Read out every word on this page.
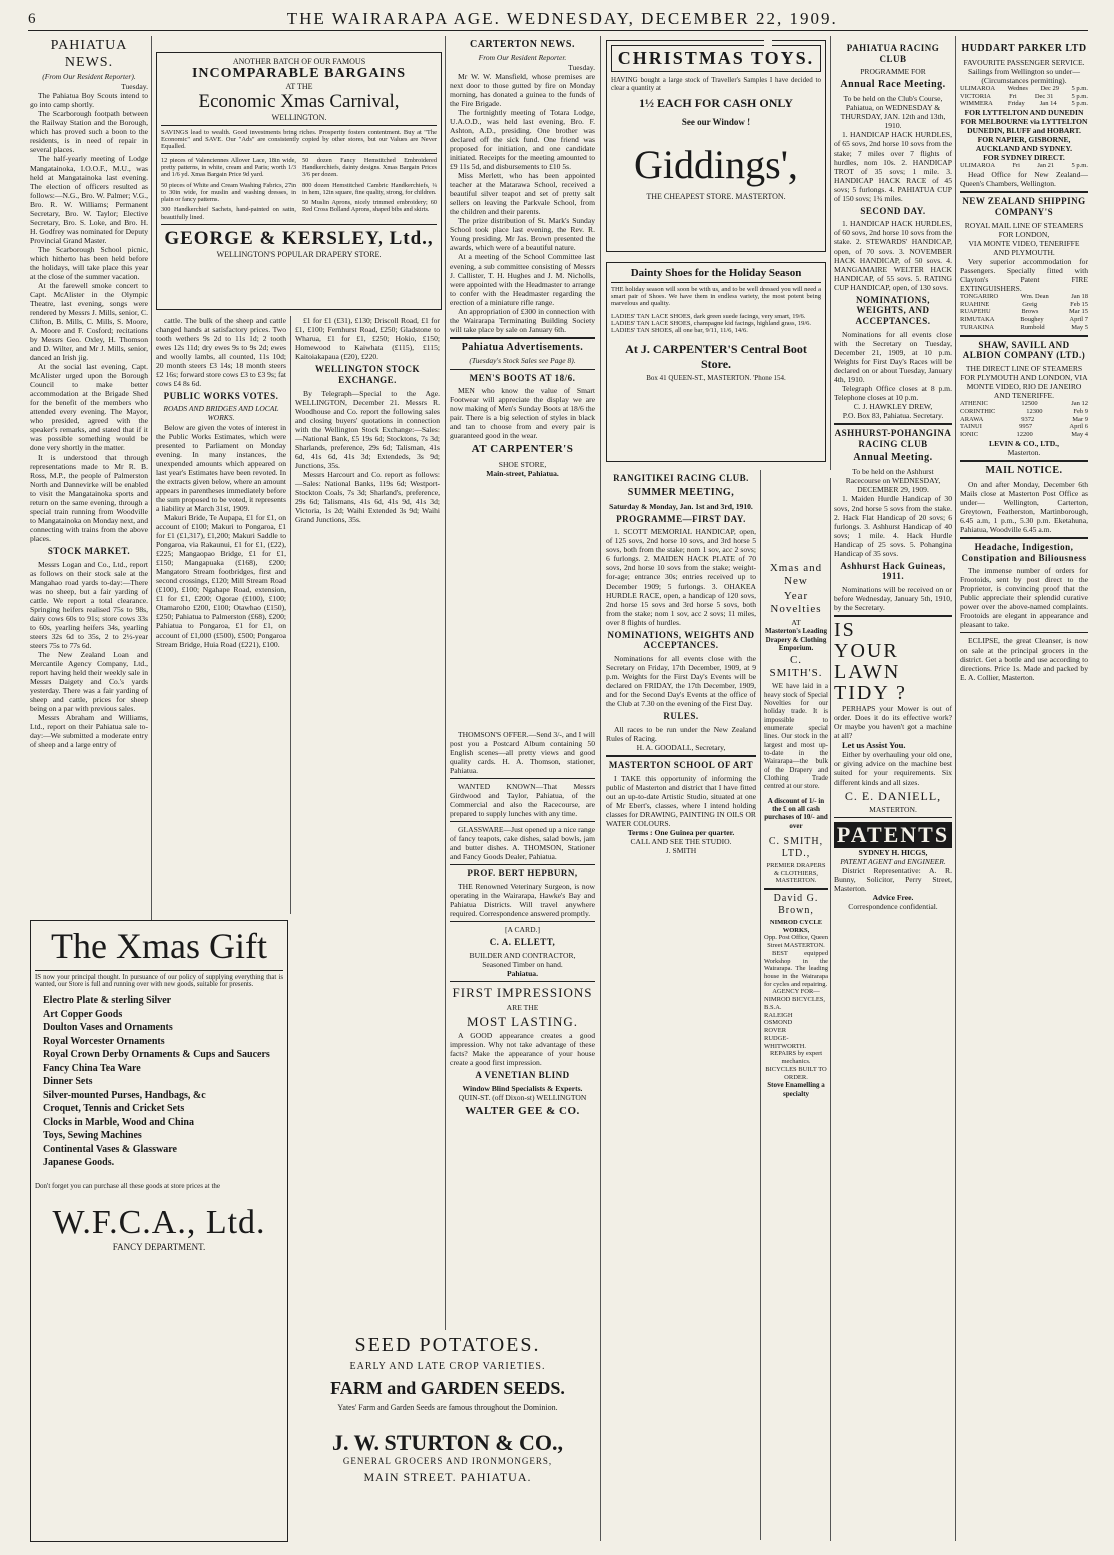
6	THE WAIRARAPA AGE. WEDNESDAY, DECEMBER 22, 1909.
PAHIATUA NEWS.

(From Our Resident Reporter).

Tuesday.

The Pahiatua Boy Scouts intend to go into camp shortly.

The Scarborough footpath between the Railway Station and the Borough, which has proved such a boon to the residents, is in need of repair in several places.

The half-yearly meeting of Lodge Mangatainoka, I.O.O.F., M.U., was held at Mangatainoka last evening. The election of officers resulted as follows:—N.G., Bro. W. Palmer; V.G., Bro. R. W. Williams; Permanent Secretary, Bro. W. Taylor; Elective Secretary, Bro. S. Loke, and Bro. H. H. Godfrey was nominated for Deputy Provincial Grand Master.

The Scarborough School picnic, which hitherto has been held before the holidays, will take place this year at the close of the summer vacation.

At the farewell smoke concert to Capt. McAlister in the Olympic Theatre, last evening, songs were rendered by Messrs J. Mills, senior, C. Clifton, B. Mills, C. Mills, S. Moore, A. Moore and F. Cosford; recitations by Messrs Geo. Oxley, H. Thomson and D. Wilter, and Mr J. Mills, senior, danced an Irish jig.

At the social last evening, Capt. McAlister urged upon the Borough Council to make better accommodation at the Brigade Shed for the benefit of the members who attended every evening. The Mayor, who presided, agreed with the speaker's remarks, and stated that if it was possible something would be done very shortly in the matter.

It is understood that through representations made to Mr R. B. Ross, M.P., the people of Palmerston North and Dannevirke will be enabled to visit the Mangatainoka sports and return on the same evening, through a special train running from Woodville to Mangatainoka on Monday next, and connecting with trains from the above places.

STOCK MARKET.

Messrs Logan and Co., Ltd., report as follows on their stock sale at the Mangahao road yards to-day:—There was no sheep, but a fair yarding of cattle. We report a total clearance. Springing heifers realised 75s to 98s, dairy cows 60s to 91s; store cows 33s to 60s, yearling heifers 34s, yearling steers 32s 6d to 35s, 2 to 2½-year steers 75s to 77s 6d.

The New Zealand Loan and Mercantile Agency Company, Ltd., report having held their weekly sale in Messrs Daigety and Co.'s yards yesterday. There was a fair yarding of sheep and cattle, prices for sheep being on a par with previous sales.

Messrs Abraham and Williams, Ltd., report on their Pahiatua sale to-day:—We submitted a moderate entry of sheep and a large entry of

ANOTHER BATCH OF OUR FAMOUS
INCOMPARABLE BARGAINS
AT THE
Economic Xmas Carnival,
WELLINGTON.
SAVINGS lead to wealth. Good investments bring riches. Prosperity fosters contentment. Buy at "The Economic" and SAVE. Our "Ads" are consistently copied by other stores, but our Values are Never Equalled.
12 pieces of Valenciennes Allover Lace, 18in wide, pretty patterns, in white, cream and Paris; worth 1/3 and 1/6 yd. Xmas Bargain Price 9d yard.
50 pieces of White and Cream Washing Fabrics, 27in to 30in wide, for muslin and washing dresses, in plain or fancy patterns.
300 Handkerchief Sachets, hand-painted on satin, beautifully lined.
50 dozen Fancy Hemstitched Embroidered Handkerchiefs, dainty designs. Xmas Bargain Prices 3/6 per dozen.
800 dozen Hemstitched Cambric Handkerchiefs, ¼ in hem, 12in square, fine quality, strong, for children.
50 Muslin Aprons, nicely trimmed embroidery; 60 Red Cross Bolland Aprons, shaped bibs and skirts.
GEORGE & KERSLEY, Ltd.,
WELLINGTON'S POPULAR DRAPERY STORE.

cattle. The bulk of the sheep and cattle changed hands at satisfactory prices. Two tooth wethers 9s 2d to 11s 1d; 2 tooth ewes 12s 11d; dry ewes 9s to 9s 2d; ewes and woolly lambs, all counted, 11s 10d; 20 month steers £3 14s; 18 month steers £2 16s; forward store cows £3 to £3 9s; fat cows £4 8s 6d.

PUBLIC WORKS VOTES.

ROADS AND BRIDGES AND LOCAL WORKS.

Below are given the votes of interest in the Public Works Estimates, which were presented to Parliament on Monday evening. In many instances, the unexpended amounts which appeared on last year's Estimates have been revoted. In the extracts given below, where an amount appears in parentheses immediately before the sum proposed to be voted, it represents a liability at March 31st, 1909.

Makuri Bride, Te Aupapa, £1 for £1, on account of £100; Makuri to Pongaroa, £1 for £1 (£1,317), £1,200; Makuri Saddle to Pongaroa, via Rakaunui, £1 for £1, (£22), £225; Mangaopao Bridge, £1 for £1, £150; Mangapuaka (£168), £200; Mangatoro Stream footbridges, first and second crossings, £120; Mill Stream Road (£100), £100; Ngahape Road, extension, £1 for £1, £200; Ogorae (£100), £100; Otamaroho £200, £100; Otawhao (£150), £250; Pahiatua to Palmerston (£68), £200; Pahiatua to Pongaroa, £1 for £1, on account of £1,000 (£500), £500; Pongaroa Stream Bridge, Huia Road (£221), £100.

£1 for £1 (£31), £130; Driscoll Road, £1 for £1, £100; Fernhurst Road, £250; Gladstone to Wharua, £1 for £1, £250; Hokio, £150; Homewood to Kaiwhata (£115), £115; Kaitoiakapaua (£20), £220.

WELLINGTON STOCK EXCHANGE.

By Telegraph—Special to the Age. WELLINGTON, December 21. Messrs R. Woodhouse and Co. report the following sales and closing buyers' quotations in connection with the Wellington Stock Exchange:—Sales:—National Bank, £5 19s 6d; Stocktons, 7s 3d; Sharlands, preference, 29s 6d; Talisman, 41s 6d, 41s 6d, 41s 3d; Extendeds, 3s 9d; Junctions, 35s.

Messrs Harcourt and Co. report as follows:—Sales: National Banks, 119s 6d; Westport-Stockton Coals, 7s 3d; Sharland's, preference, 29s 6d; Talismans, 41s 6d, 41s 9d, 41s 3d; Victoria, 1s 2d; Waihi Extended 3s 9d; Waihi Grand Junctions, 35s.

The Xmas Gift
IS now your principal thought. In pursuance of our policy of supplying everything that is wanted, our Store is full and running over with new goods, suitable for presents.
Electro Plate & sterling Silver
Art Copper Goods
Doulton Vases and Ornaments
Royal Worcester Ornaments
Royal Crown Derby Ornaments & Cups and Saucers
Fancy China Tea Ware
Dinner Sets
Silver-mounted Purses, Handbags, &c
Croquet, Tennis and Cricket Sets
Clocks in Marble, Wood and China
Toys, Sewing Machines
Continental Vases & Glassware
Japanese Goods.
Don't forget you can purchase all these goods at store prices at the
W.F.C.A., Ltd.
FANCY DEPARTMENT.
CARTERTON NEWS.

From Our Resident Reporter.

Tuesday.

Mr W. W. Mansfield, whose premises are next door to those gutted by fire on Monday morning, has donated a guinea to the funds of the Fire Brigade.

The fortnightly meeting of Totara Lodge, U.A.O.D., was held last evening, Bro. F. Ashton, A.D., presiding. One brother was declared off the sick fund. One friend was proposed for initiation, and one candidate initiated. Receipts for the meeting amounted to £9 11s 5d, and disbursements to £10 5s.

Miss Merlett, who has been appointed teacher at the Matarawa School, received a beautiful silver teapot and set of pretty salt sellers on leaving the Parkvale School, from the children and their parents.

The prize distribution of St. Mark's Sunday School took place last evening, the Rev. R. Young presiding. Mr Jas. Brown presented the awards, which were of a beautiful nature.

At a meeting of the School Committee last evening, a sub committee consisting of Messrs J. Callister, T. H. Hughes and J. M. Nicholls, were appointed with the Headmaster to arrange to confer with the Headmaster regarding the erection of a miniature rifle range.

An appropriation of £300 in connection with the Wairarapa Terminating Building Society will take place by sale on January 6th.

Pahiatua Advertisements.

(Tuesday's Stock Sales see Page 8).

MEN'S BOOTS AT 18/6.

MEN who know the value of Smart Footwear will appreciate the display we are now making of Men's Sunday Boots at 18/6 the pair. There is a big selection of styles in black and tan to choose from and every pair is guaranteed good in the wear.

AT CARPENTER'S

SHOE STORE,

Main-street, Pahiatua.

THOMSON'S OFFER.—Send 3/-, and I will post you a Postcard Album containing 50 English scenes—all pretty views and good quality cards. H. A. Thomson, stationer, Pahiatua.

WANTED KNOWN—That Messrs Girdwood and Taylor, Pahiatua, of the Commercial and also the Racecourse, are prepared to supply lunches with any time.

GLASSWARE—Just opened up a nice range of fancy teapots, cake dishes, salad bowls, jam and butter dishes. A. THOMSON, Stationer and Fancy Goods Dealer, Pahiatua.

PROF. BERT HEPBURN,

THE Renowned Veterinary Surgeon, is now operating in the Wairarapa, Hawke's Bay and Pahiatua Districts. Will travel anywhere required. Correspondence answered promptly.

[A CARD.]

C. A. ELLETT,

BUILDER AND CONTRACTOR,

Seasoned Timber on hand.

Pahiatua.

FIRST IMPRESSIONS

ARE THE

MOST LASTING.

A GOOD appearance creates a good impression. Why not take advantage of these facts? Make the appearance of your house create a good first impression.

A VENETIAN BLIND

Window Blind Specialists & Experts.

QUIN-ST. (off Dixon-st) WELLINGTON

WALTER GEE & CO.
SEED POTATOES.
EARLY AND LATE CROP VARIETIES.
FARM and GARDEN SEEDS.
Yates' Farm and Garden Seeds are famous throughout the Dominion.
J. W. STURTON & CO.,
GENERAL GROCERS AND IRONMONGERS,
MAIN STREET. PAHIATUA.
CHRISTMAS TOYS.
HAVING bought a large stock of Traveller's Samples I have decided to clear a quantity at
1½ EACH FOR CASH ONLY
See our Window !
Giddings',
THE CHEAPEST STORE. MASTERTON.
Dainty Shoes for the Holiday Season
THE holiday season will soon be with us, and to be well dressed you will need a smart pair of Shoes. We have them in endless variety, the most potent being marvelous and quality.
LADIES' TAN LACE SHOES, dark green suede facings, very smart, 19/6.
LADIES' TAN LACE SHOES, champagne kid facings, highland grass, 19/6.
LADIES' TAN SHOES, all one bar, 9/11, 11/6, 14/6.
At J. CARPENTER'S Central Boot Store.
Box 41 QUEEN-ST., MASTERTON. 'Phone 154.
RANGITIKEI RACING CLUB.
SUMMER MEETING,

Saturday & Monday, Jan. 1st and 3rd, 1910.

PROGRAMME—FIRST DAY.

1. SCOTT MEMORIAL HANDICAP, open, of 125 sovs, 2nd horse 10 sovs, and 3rd horse 5 sovs, both from the stake; nom 1 sov, acc 2 sovs; 6 furlongs. 2. MAIDEN HACK PLATE of 70 sovs, 2nd horse 10 sovs from the stake; weight-for-age; entrance 30s; entries received up to December 1909; 5 furlongs. 3. OHAKEA HURDLE RACE, open, a handicap of 120 sovs, 2nd horse 15 sovs and 3rd horse 5 sovs, both from the stake; nom 1 sov, acc 2 sovs; 11 miles, over 8 flights of hurdles.

NOMINATIONS, WEIGHTS AND ACCEPTANCES.

Nominations for all events close with the Secretary on Friday, 17th December, 1909, at 9 p.m. Weights for the First Day's Events will be declared on FRIDAY, the 17th December, 1909, and for the Second Day's Events at the office of the Club at 7.30 on the evening of the First Day.

RULES.

All races to be run under the New Zealand Rules of Racing.

H. A. GOODALL, Secretary,

MASTERTON SCHOOL OF ART

I TAKE this opportunity of informing the public of Masterton and district that I have fitted out an up-to-date Artistic Studio, situated at one of Mr Ebert's, classes, where I intend holding classes for DRAWING, PAINTING IN OILS OR WATER COLOURS.

Terms : One Guinea per quarter.

CALL AND SEE THE STUDIO.

J. SMITH

Xmas and New
Year Novelties

AT

Masterton's Leading Drapery & Clothing Emporium.

C. SMITH'S.

WE have laid in a heavy stock of Special Novelties for our holiday trade. It is impossible to enumerate special lines. Our stock in the largest and most up-to-date in the Wairarapa—the bulk of the Drapery and Clothing Trade centred at our store.

A discount of 1/- in the £ on all cash purchases of 10/- and over

C. SMITH, LTD.,

PREMIER DRAPERS & CLOTHIERS, MASTERTON.

David G. Brown,

NIMROD CYCLE WORKS,

Opp. Post Office, Queen Street MASTERTON.

BEST equipped Workshop in the Wairarapa. The leading house in the Wairarapa for cycles and repairing.

AGENCY FOR—

NIMROD BICYCLES,
B.S.A.
RALEIGH
OSMOND
ROVER
RUDGE-WHITWORTH.

REPAIRS by expert mechanics.

BICYCLES BUILT TO ORDER.

Stove Enamelling a specialty

PAHIATUA RACING CLUB

PROGRAMME FOR

Annual Race Meeting.

To be held on the Club's Course, Pahiatua, on WEDNESDAY & THURSDAY, JAN. 12th and 13th, 1910.

1. HANDICAP HACK HURDLES, of 65 sovs, 2nd horse 10 sovs from the stake; 7 miles over 7 flights of hurdles, nom 10s. 2. HANDICAP TROT of 35 sovs; 1 mile. 3. HANDICAP HACK RACE of 45 sovs; 5 furlongs. 4. PAHIATUA CUP of 150 sovs; 1¾ miles.

SECOND DAY.

1. HANDICAP HACK HURDLES, of 60 sovs, 2nd horse 10 sovs from the stake. 2. STEWARDS' HANDICAP, open, of 70 sovs. 3. NOVEMBER HACK HANDICAP, of 50 sovs. 4. MANGAMAIRE WELTER HACK HANDICAP, of 55 sovs. 5. RATING CUP HANDICAP, open, of 130 sovs.

NOMINATIONS, WEIGHTS, AND ACCEPTANCES.

Nominations for all events close with the Secretary on Tuesday, December 21, 1909, at 10 p.m. Weights for First Day's Races will be declared on or about Tuesday, January 4th, 1910.

Telegraph Office closes at 8 p.m. Telephone closes at 10 p.m.

C. J. HAWKLEY DREW,

P.O. Box 83, Pahiatua. Secretary.

ASHHURST-POHANGINA RACING CLUB
Annual Meeting.

To be held on the Ashhurst Racecourse on WEDNESDAY, DECEMBER 29, 1909.

1. Maiden Hurdle Handicap of 30 sovs, 2nd horse 5 sovs from the stake. 2. Hack Flat Handicap of 20 sovs; 6 furlongs. 3. Ashhurst Handicap of 40 sovs; 1 mile. 4. Hack Hurdle Handicap of 25 sovs. 5. Pohangina Handicap of 35 sovs.

Ashhurst Hack Guineas, 1911.

Nominations will be received on or before Wednesday, January 5th, 1910, by the Secretary.

IS
YOUR
LAWN
TIDY ?

PERHAPS your Mower is out of order. Does it do its effective work? Or maybe you haven't got a machine at all?

Let us Assist You.

Either by overhauling your old one, or giving advice on the machine best suited for your requirements. Six different kinds and all sizes.

C. E. DANIELL,

MASTERTON.

PATENTS

SYDNEY H. HICGS,

PATENT AGENT and ENGINEER.

District Representative: A. R. Bunny, Solicitor, Perry Street, Masterton.

Advice Free.

Correspondence confidential.

HUDDART PARKER LTD

FAVOURITE PASSENGER SERVICE.

Sailings from Wellington so under—(Circumstances permitting).

ULIMAROA Wednes Dec 29 5 p.m.
VICTORIA	Fri	Dec 31	5 p.m.
WIMMERA Friday Jan 14 5 p.m.

FOR LYTTELTON AND DUNEDIN

FOR MELBOURNE via LYTTELTON DUNEDIN, BLUFF and HOBART.

FOR NAPIER, GISBORNE, AUCKLAND AND SYDNEY.

FOR SYDNEY DIRECT.

ULIMAROA	Fri	Jan 21	5 p.m.

Head Office for New Zealand—Queen's Chambers, Wellington.

NEW ZEALAND SHIPPING COMPANY'S

ROYAL MAIL LINE OF STEAMERS FOR LONDON,

VIA MONTE VIDEO, TENERIFFE AND PLYMOUTH.

Very superior accommodation for Passengers. Specially fitted with Clayton's Patent FIRE EXTINGUISHERS.

TONGARIRO	Wm. Dean	Jan 18
RUAHINE	Greig	Feb 15
RUAPEHU	Brows	Mar 15
RIMUTAKA	Boughey	April 7
TURAKINA	Rumbold	May 5
SHAW, SAVILL AND ALBION COMPANY (LTD.)

THE DIRECT LINE OF STEAMERS FOR PLYMOUTH AND LONDON, VIA MONTE VIDEO, RIO DE JANEIRO AND TENERIFFE.

ATHENIC	12500	Jan 12
CORINTHIC	12300	Feb 9
ARAWA	9372	Mar 9
TAINUI	9957	April 6
IONIC	12200	May 4

LEVIN & CO., LTD.,

Masterton.

MAIL NOTICE.

On and after Monday, December 6th Mails close at Masterton Post Office as under— Wellington, Carterton, Greytown, Featherston, Martinborough, 6.45 a.m, 1 p.m., 5.30 p.m. Eketahuna, Pahiatua, Woodville 6.45 a.m.

Headache, Indigestion, Constipation and Biliousness

The immense number of orders for Frootoids, sent by post direct to the Proprietor, is convincing proof that the Public appreciate their splendid curative power over the above-named complaints. Frootoids are elegant in appearance and pleasant to take.

ECLIPSE, the great Cleanser, is now on sale at the principal grocers in the district. Get a bottle and use according to directions. Price 1s. Made and packed by E. A. Collier, Masterton.
